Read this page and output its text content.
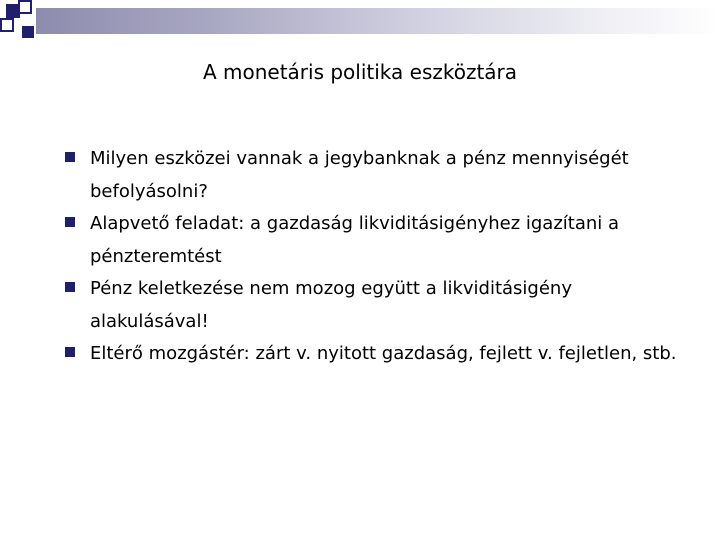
A monetáris politika eszköztára
Milyen eszközei vannak a jegybanknak a pénz mennyiségét befolyásolni?
Alapvető feladat: a gazdaság likviditásigényhez igazítani a pénzteremtést
Pénz keletkezése nem mozog együtt a likviditásigény alakulásával!
Eltérő mozgástér: zárt v. nyitott gazdaság, fejlett v. fejletlen, stb.
